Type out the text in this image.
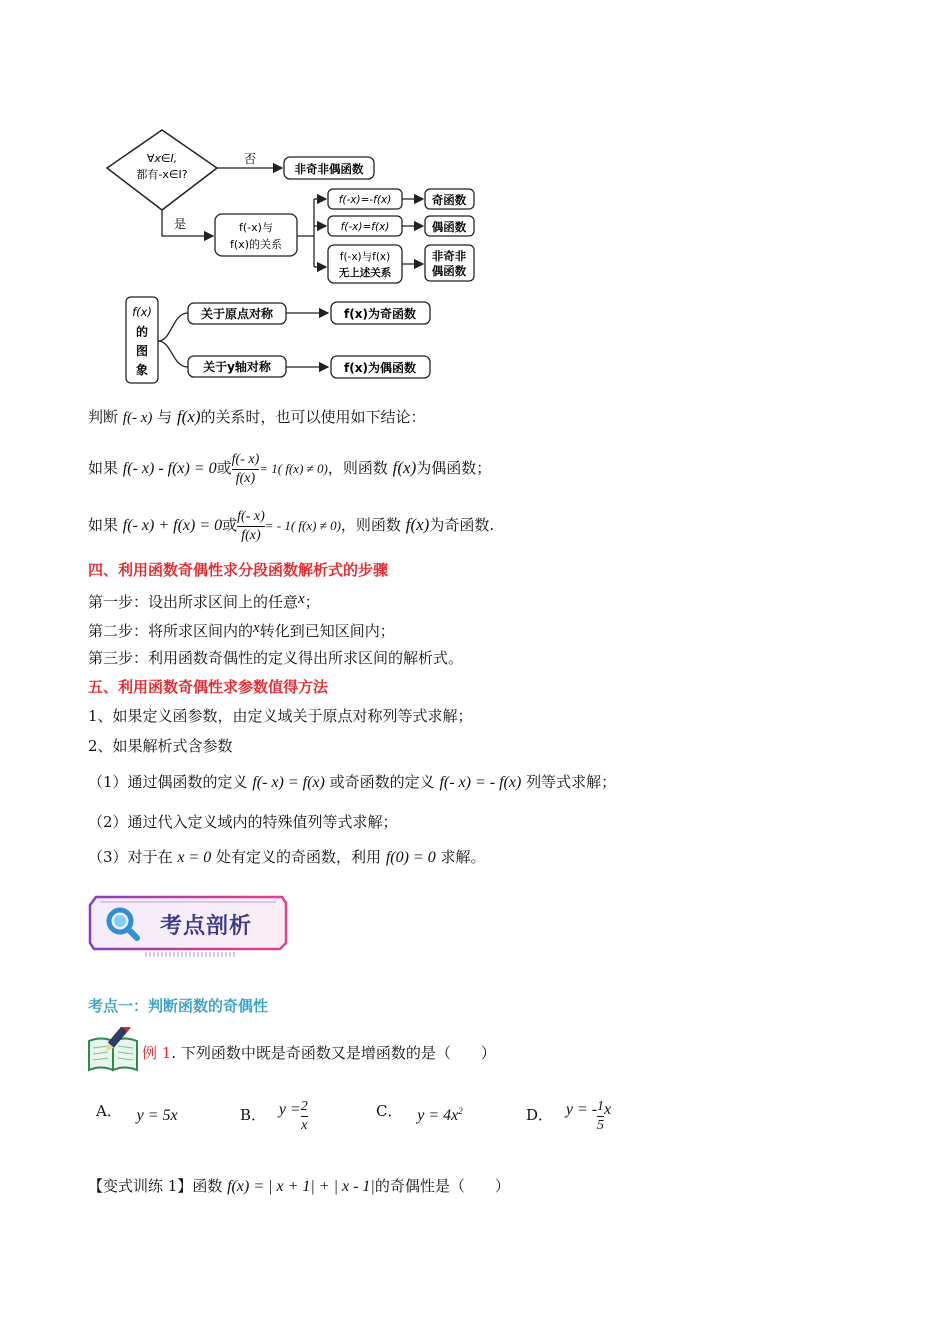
∀x∈I,
都有-x∈I?
否
非奇非偶函数
是	f(-x)与
f(x)的关系
f(-x)=-f(x)
f(-x)=f(x)
f(-x)与f(x)
无上述关系
奇函数
偶函数
非奇非
偶函数
f(x)
的
图
象
关于原点对称
关于y轴对称
f(x)为奇函数
f(x)为偶函数
判断 f(- x) 与 f(x)的关系时，也可以使用如下结论：
如果 f(- x) - f(x) = 0或 $\frac{f(- x)}{f(x)} = 1$( f(x) ≠ 0)，则函数 f(x)为偶函数；
如果 f(- x) + f(x) = 0或 $\frac{f(- x)}{f(x)}$ = - 1( f(x) ≠ 0)，则函数 f(x)为奇函数.
四、利用函数奇偶性求分段函数解析式的步骤
第一步：设出所求区间上的任意x；
第二步：将所求区间内的x转化到已知区间内；
第三步：利用函数奇偶性的定义得出所求区间的解析式。
五、利用函数奇偶性求参数值得方法
1、如果定义函参数，由定义域关于原点对称列等式求解；
2、如果解析式含参数
（1）通过偶函数的定义 f(- x) = f(x) 或奇函数的定义 f(- x) = - f(x) 列等式求解；
（2）通过代入定义域内的特殊值列等式求解；
（3）对于在 x = 0 处有定义的奇函数，利用 f(0) = 0 求解。
考点剖析
考点一：判断函数的奇偶性
例 1. 下列函数中既是奇函数又是增函数的是（　　）
A． y = 5x	B． $y = \frac{2}{x}$	C． $y = 4x^2$	D． y = - $\frac{1}{5}$ x
【变式训练 1】函数 f(x) = | x + 1| + | x - 1|的奇偶性是（　　）
